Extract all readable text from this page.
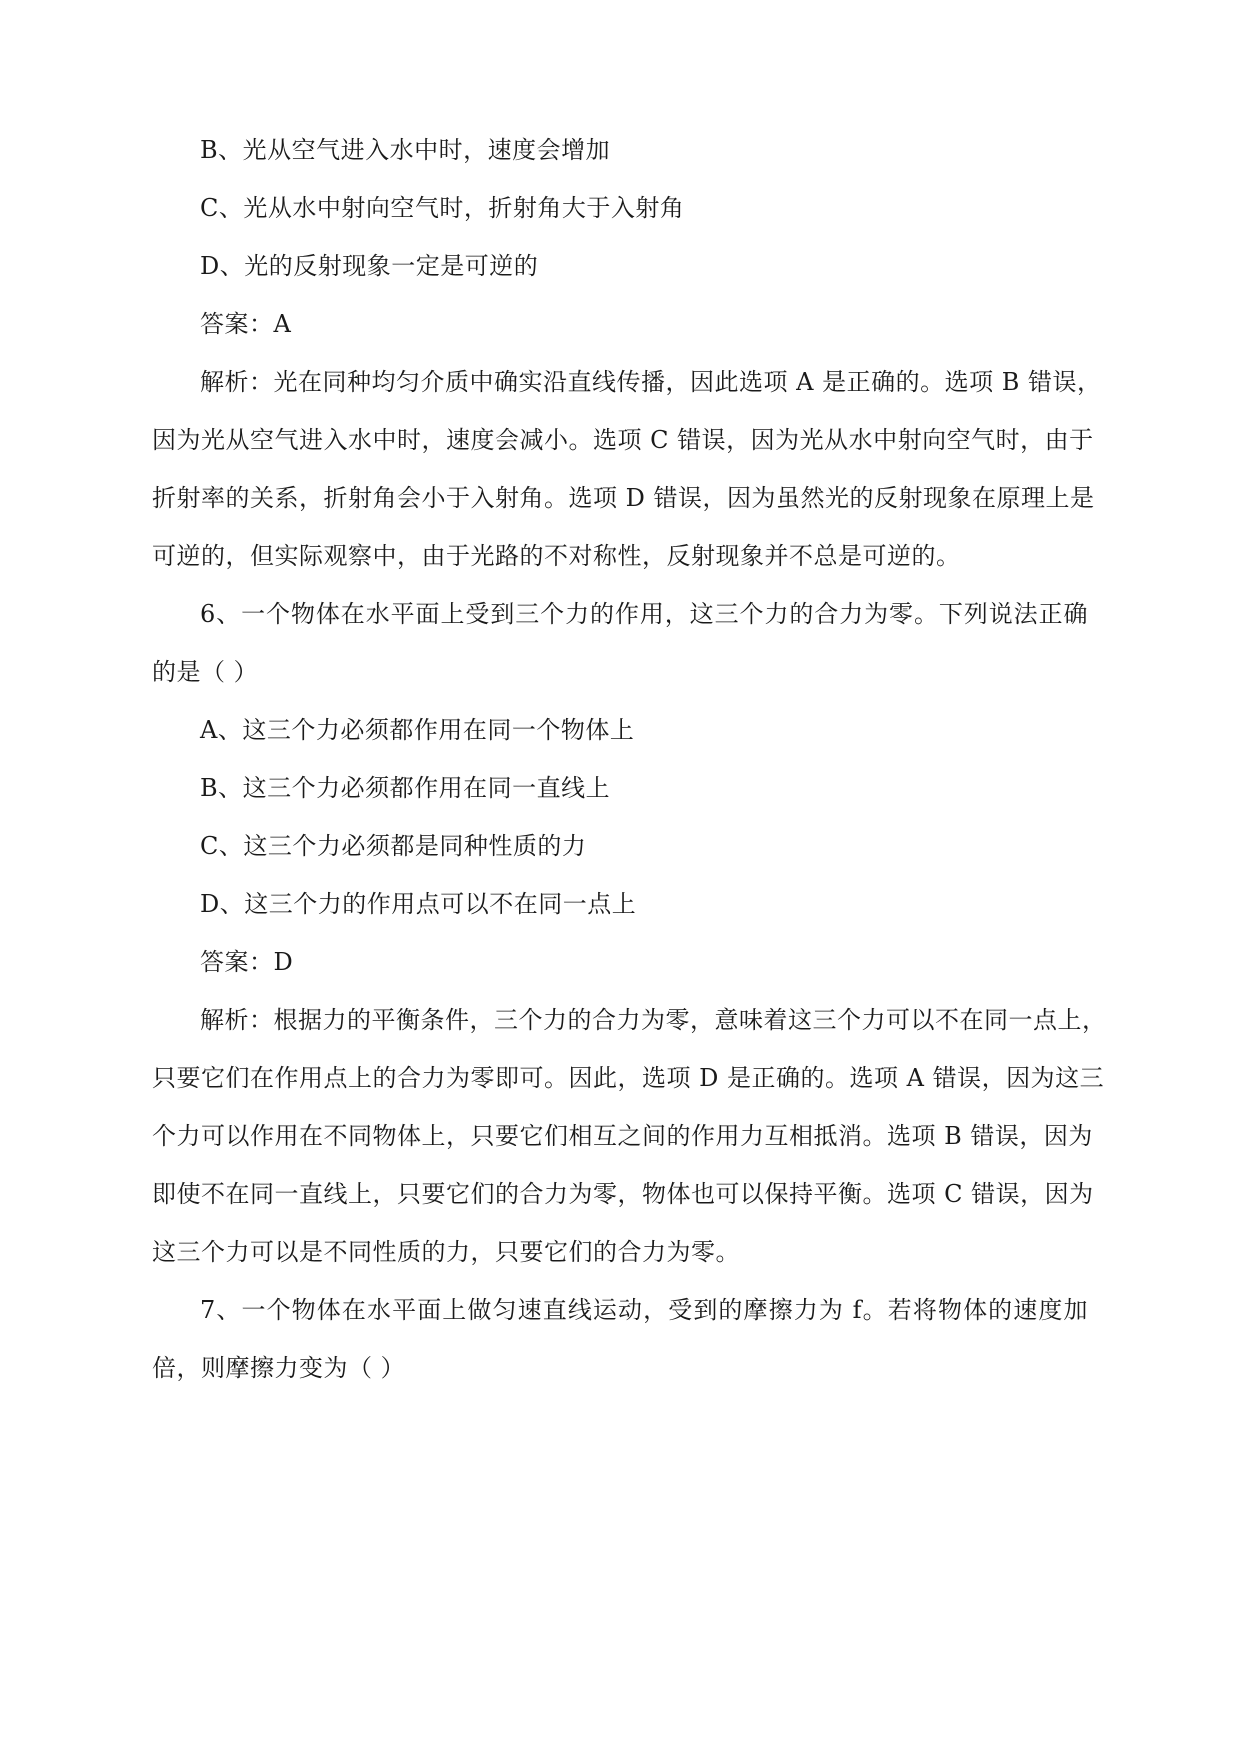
B、光从空气进入水中时，速度会增加
C、光从水中射向空气时，折射角大于入射角
D、光的反射现象一定是可逆的
答案：A
解析：光在同种均匀介质中确实沿直线传播，因此选项 A 是正确的。选项 B 错误，
因为光从空气进入水中时，速度会减小。选项 C 错误，因为光从水中射向空气时，由于
折射率的关系，折射角会小于入射角。选项 D 错误，因为虽然光的反射现象在原理上是
可逆的，但实际观察中，由于光路的不对称性，反射现象并不总是可逆的。
6、一个物体在水平面上受到三个力的作用，这三个力的合力为零。下列说法正确
的是（ ）
A、这三个力必须都作用在同一个物体上
B、这三个力必须都作用在同一直线上
C、这三个力必须都是同种性质的力
D、这三个力的作用点可以不在同一点上
答案：D
解析：根据力的平衡条件，三个力的合力为零，意味着这三个力可以不在同一点上，
只要它们在作用点上的合力为零即可。因此，选项 D 是正确的。选项 A 错误，因为这三
个力可以作用在不同物体上，只要它们相互之间的作用力互相抵消。选项 B 错误，因为
即使不在同一直线上，只要它们的合力为零，物体也可以保持平衡。选项 C 错误，因为
这三个力可以是不同性质的力，只要它们的合力为零。
7、一个物体在水平面上做匀速直线运动，受到的摩擦力为 f。若将物体的速度加
倍，则摩擦力变为（ ）
